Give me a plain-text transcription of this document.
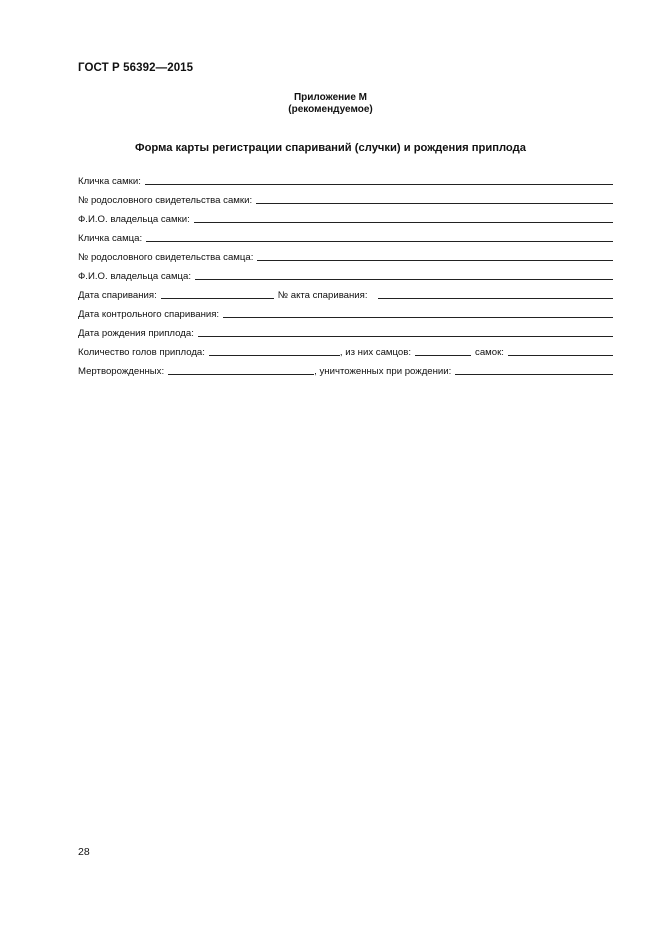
ГОСТ Р 56392—2015
Приложение М
(рекомендуемое)
Форма карты регистрации спариваний (случки) и рождения приплода
Кличка самки:
№ родословного свидетельства самки:
Ф.И.О. владельца самки:
Кличка самца:
№ родословного свидетельства самца:
Ф.И.О. владельца самца:
Дата спаривания:	№ акта спаривания:
Дата контрольного спаривания:
Дата рождения приплода:
Количество голов приплода:	, из них самцов:	самок:
Мертворожденных:	, уничтоженных при рождении:
28
